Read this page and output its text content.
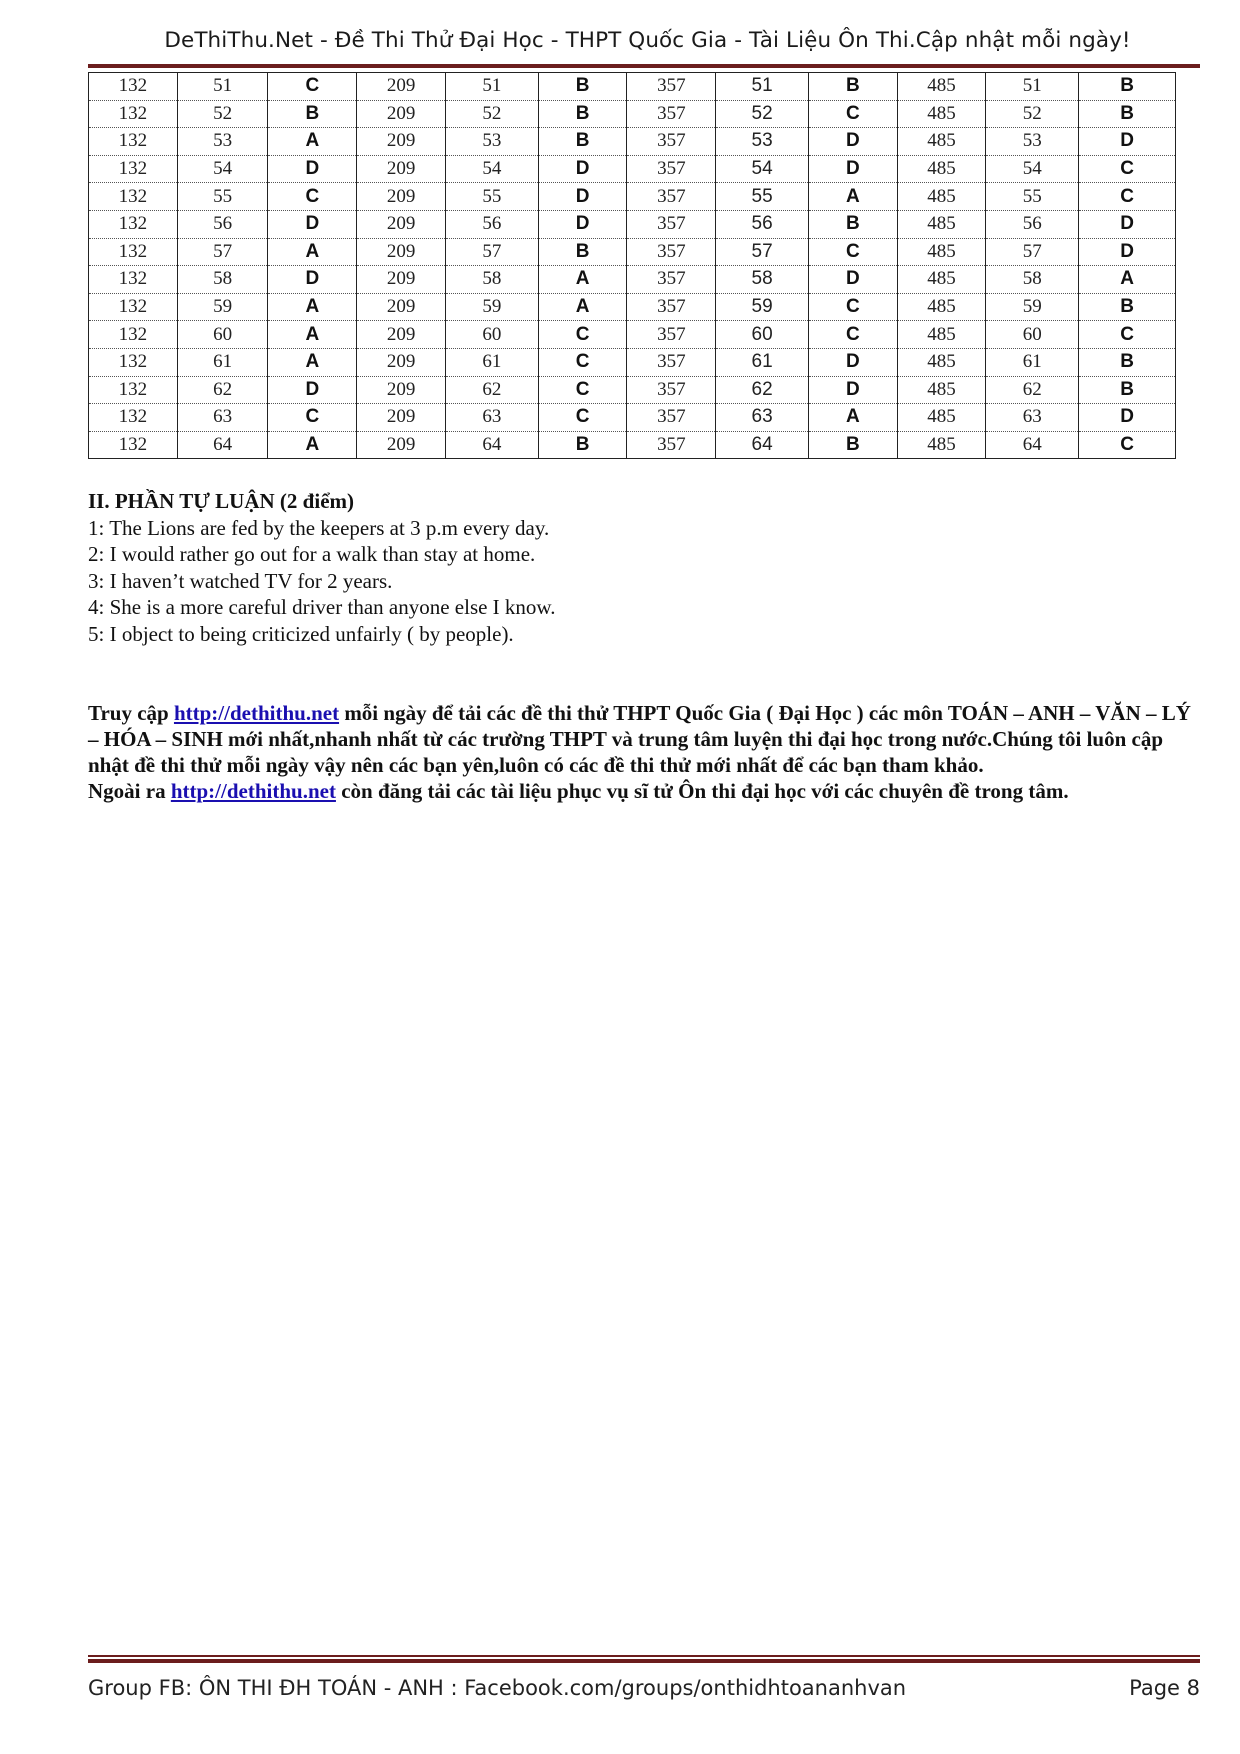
DeThiThu.Net - Đề Thi Thử Đại Học - THPT Quốc Gia - Tài Liệu Ôn Thi.Cập nhật mỗi ngày!
132	51	C	209	51	B	357	51	B	485	51	B
132	52	B	209	52	B	357	52	C	485	52	B
132	53	A	209	53	B	357	53	D	485	53	D
132	54	D	209	54	D	357	54	D	485	54	C
132	55	C	209	55	D	357	55	A	485	55	C
132	56	D	209	56	D	357	56	B	485	56	D
132	57	A	209	57	B	357	57	C	485	57	D
132	58	D	209	58	A	357	58	D	485	58	A
132	59	A	209	59	A	357	59	C	485	59	B
132	60	A	209	60	C	357	60	C	485	60	C
132	61	A	209	61	C	357	61	D	485	61	B
132	62	D	209	62	C	357	62	D	485	62	B
132	63	C	209	63	C	357	63	A	485	63	D
132	64	A	209	64	B	357	64	B	485	64	C
II. PHẦN TỰ LUẬN (2 điểm)
1: The Lions are fed by the keepers at 3 p.m every day.
2: I would rather go out for a walk than stay at home.
3: I haven’t watched TV for 2 years.
4: She is a more careful driver than anyone else I know.
5: I object to being criticized unfairly ( by people).
Truy cập http://dethithu.net mỗi ngày để tải các đề thi thử THPT Quốc Gia ( Đại Học ) các môn TOÁN – ANH – VĂN – LÝ – HÓA – SINH mới nhất,nhanh nhất từ các trường THPT và trung tâm luyện thi đại học trong nước.Chúng tôi luôn cập nhật đề thi thử mỗi ngày vậy nên các bạn yên,luôn có các đề thi thử mới nhất để các bạn tham khảo.
Ngoài ra http://dethithu.net còn đăng tải các tài liệu phục vụ sĩ tử Ôn thi đại học với các chuyên đề trong tâm.
Group FB: ÔN THI ĐH TOÁN - ANH : Facebook.com/groups/onthidhtoananhvan	Page 8
